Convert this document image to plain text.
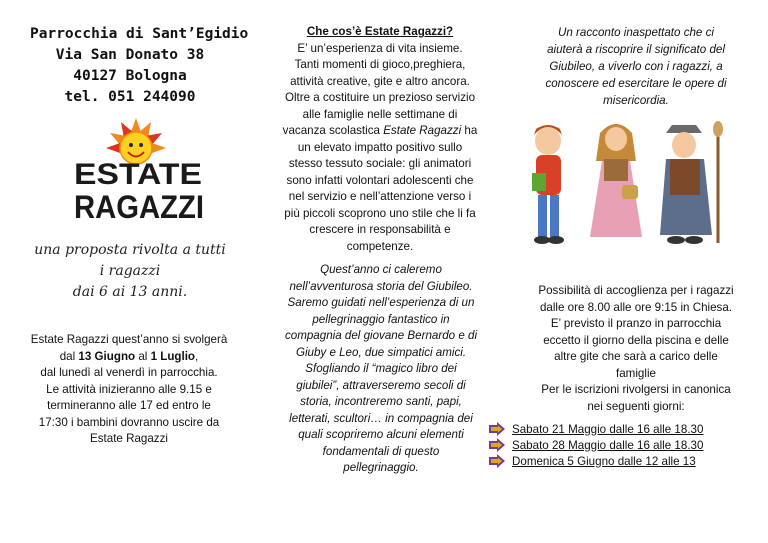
Parrocchia di Sant’Egidio
Via San Donato 38
40127 Bologna
tel. 051 244090
ESTATE
RAGAZZI
una proposta rivolta a tutti
i ragazzi
dai 6 ai 13 anni.
Estate Ragazzi quest’anno si svolgerà
dal 13 Giugno al 1 Luglio,
dal lunedì al venerdì in parrocchia.
Le attività inizieranno alle 9.15 e
termineranno alle 17 ed entro le
17:30 i bambini dovranno uscire da
Estate Ragazzi
Che cos’è Estate Ragazzi?
E’ un’esperienza di vita insieme.
Tanti momenti di gioco,preghiera,
attività creative, gite e altro ancora.
Oltre a costituire un prezioso servizio
alle famiglie nelle settimane di
vacanza scolastica Estate Ragazzi ha
un elevato impatto positivo sullo
stesso tessuto sociale: gli animatori
sono infatti volontari adolescenti che
nel servizio e nell’attenzione verso i
più piccoli scoprono uno stile che li fa
crescere in responsabilità e
competenze.
Quest’anno ci caleremo
nell’avventurosa storia del Giubileo.
Saremo guidati nell’esperienza di un
pellegrinaggio fantastico in
compagnia del giovane Bernardo e di
Giuby e Leo, due simpatici amici.
Sfogliando il “magico libro dei
giubilei”, attraverseremo secoli di
storia, incontreremo santi, papi,
letterati, scultori… in compagnia dei
quali scopriremo alcuni elementi
fondamentali di questo
pellegrinaggio.
Un racconto inaspettato che ci
aiuterà a riscoprire il significato del
Giubileo, a viverlo con i ragazzi, a
conoscere ed esercitare le opere di
misericordia.
Possibilità di accoglienza per i ragazzi
dalle ore 8.00 alle ore 9:15 in Chiesa.
E’ previsto il pranzo in parrocchia
eccetto il giorno della piscina e delle
altre gite che sarà a carico delle
famiglie
Per le iscrizioni rivolgersi in canonica
nei seguenti giorni:
Sabato 21 Maggio dalle 16 alle 18.30
Sabato 28 Maggio dalle 16 alle 18.30
Domenica 5 Giugno dalle 12 alle 13
